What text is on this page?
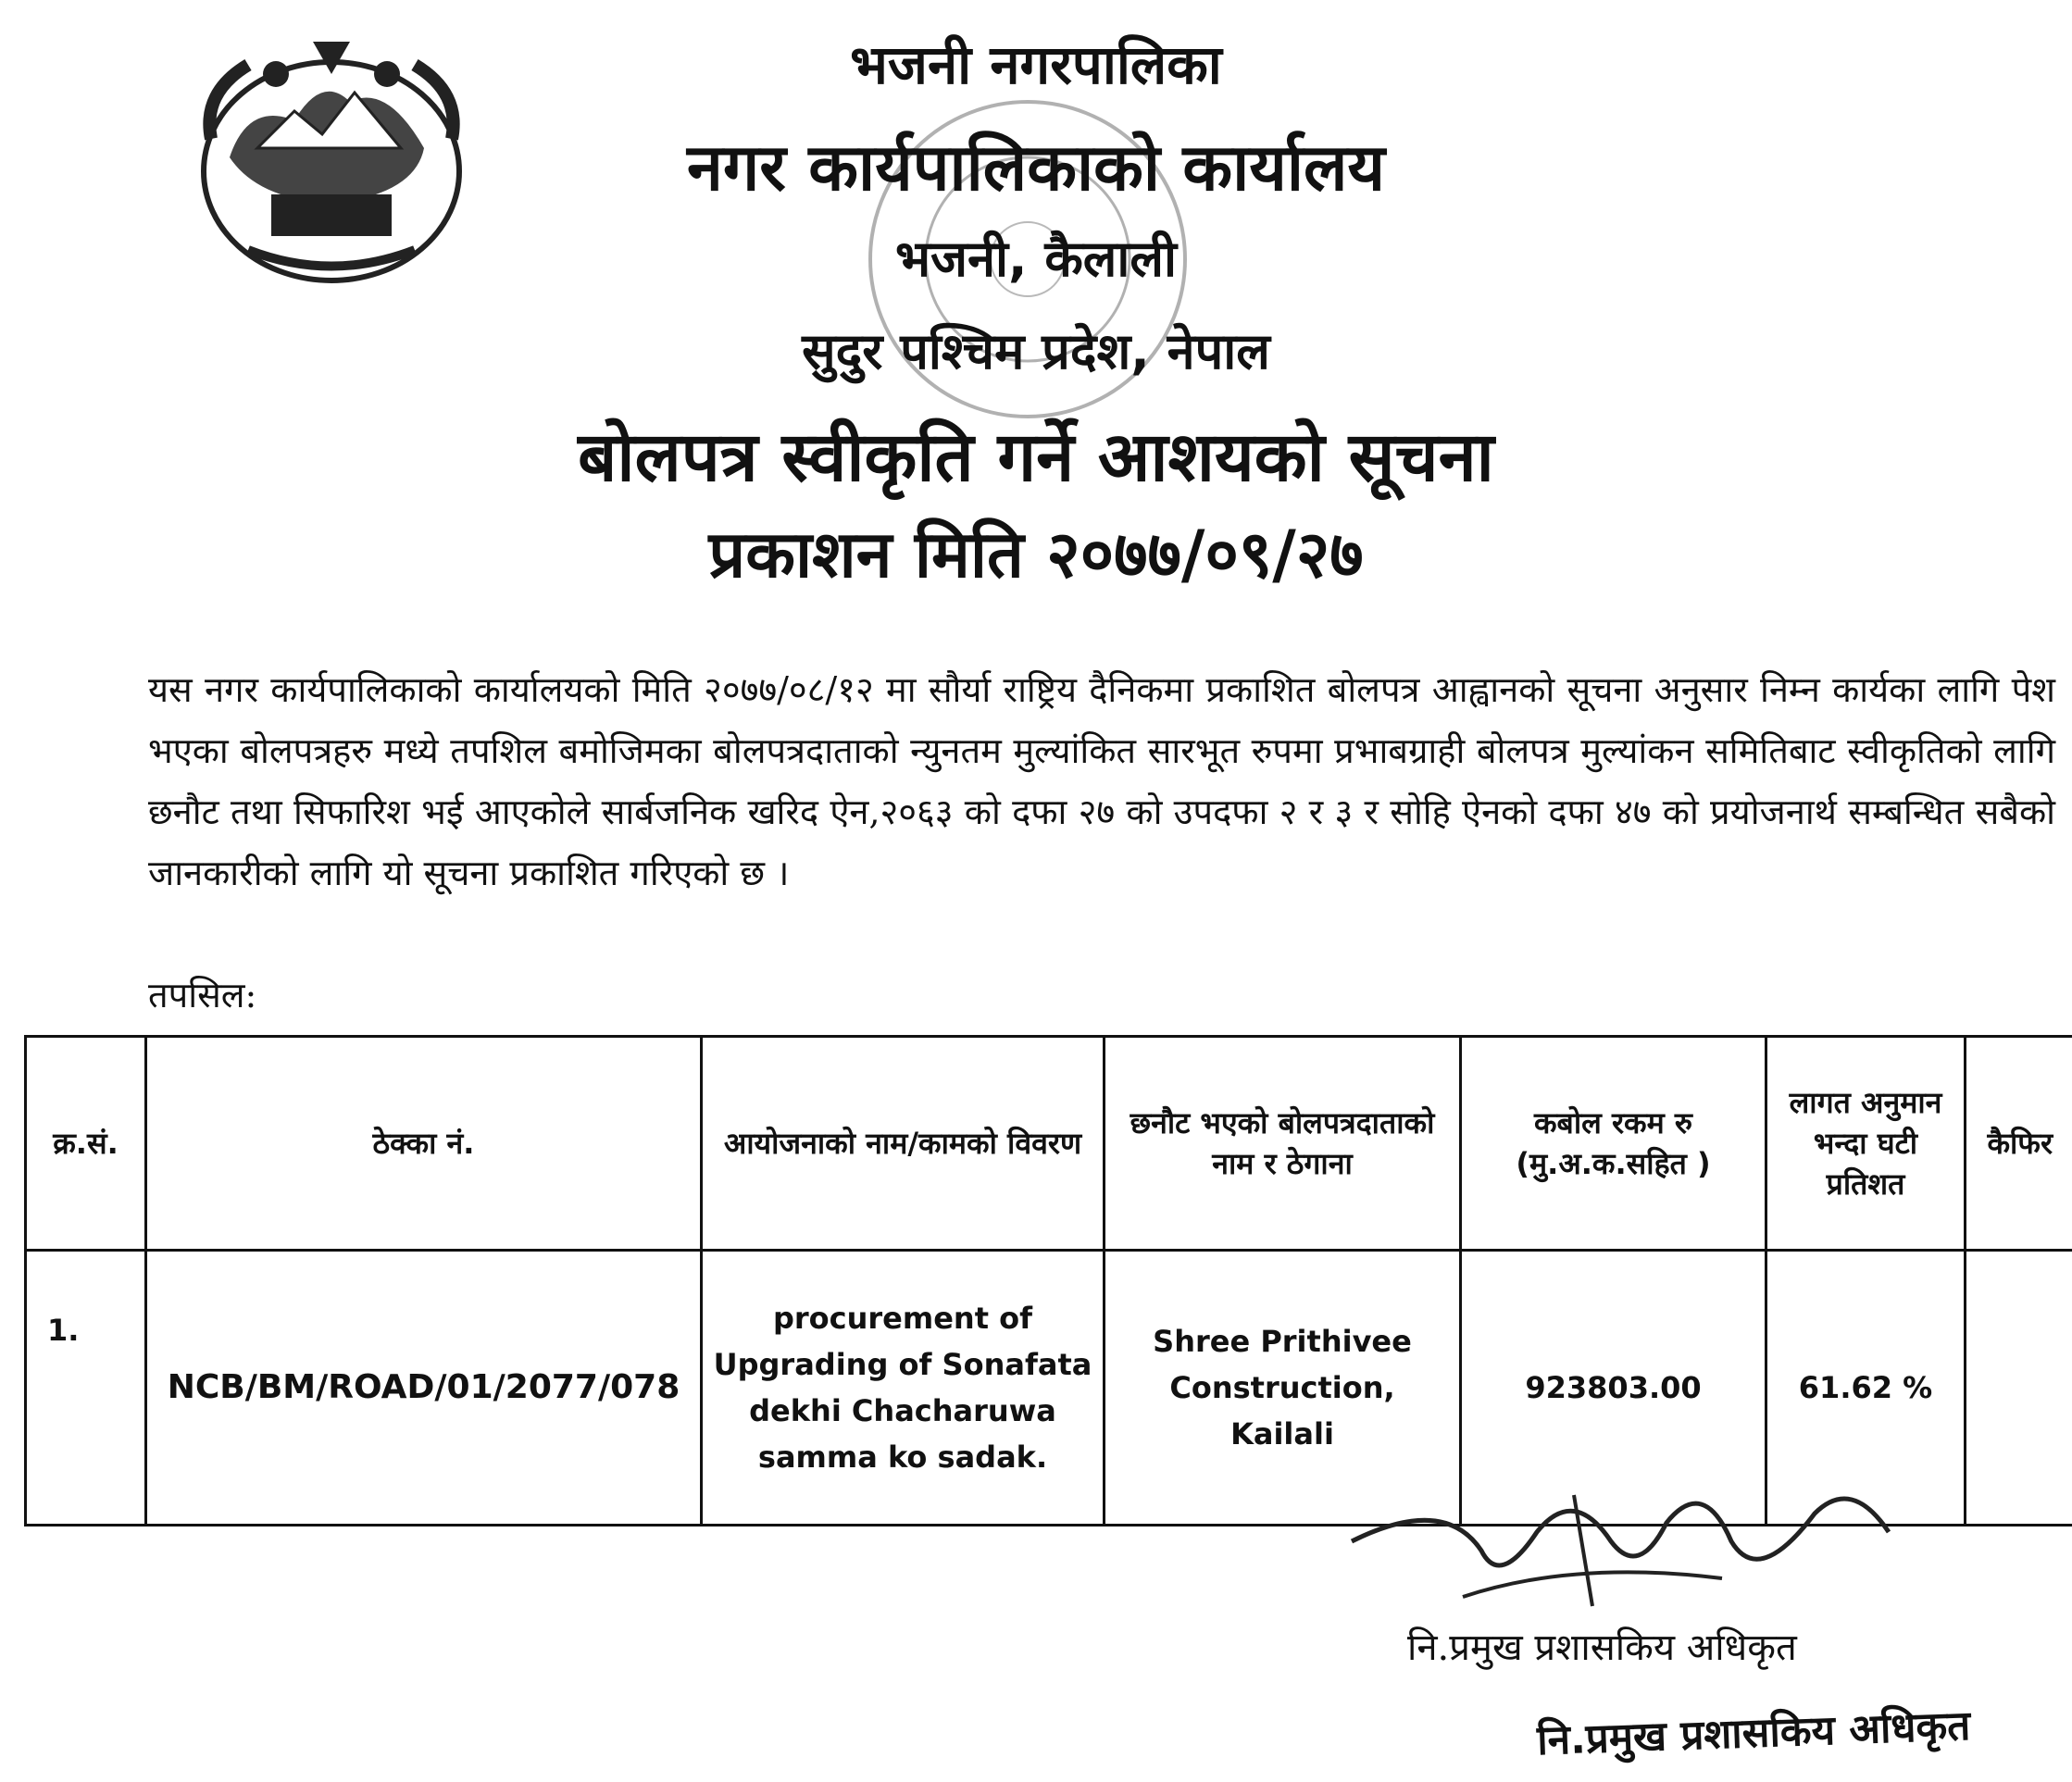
भजनी नगरपालिका
नगर कार्यपालिकाको कार्यालय
भजनी, कैलाली
सुदुर पश्चिम प्रदेश, नेपाल
बोलपत्र स्वीकृति गर्ने आशयको सूचना
प्रकाशन मिति २०७७/०९/२७
यस नगर कार्यपालिकाको कार्यालयको मिति २०७७/०८/१२ मा सौर्या राष्ट्रिय दैनिकमा प्रकाशित बोलपत्र आह्वानको सूचना अनुसार निम्न कार्यका लागि पेश भएका बोलपत्रहरु मध्ये तपशिल बमोजिमका बोलपत्रदाताको न्युनतम मुल्यांकित सारभूत रुपमा प्रभाबग्राही बोलपत्र मुल्यांकन समितिबाट स्वीकृतिको लागि छनौट तथा सिफारिश भई आएकोले सार्बजनिक खरिद ऐन,२०६३ को दफा २७ को उपदफा २ र ३ र सोहि ऐनको दफा ४७ को प्रयोजनार्थ सम्बन्धित सबैको जानकारीको लागि यो सूचना प्रकाशित गरिएको छ ।
तपसिल:
क्र.सं.	ठेक्का नं.	आयोजनाको नाम/कामको विवरण	छनौट भएको बोलपत्रदाताको नाम र ठेगाना	कबोल रकम रु (मु.अ.क.सहित )	लागत अनुमान भन्दा घटी प्रतिशत	कैफिर
1.	NCB/BM/ROAD/01/2077/078	procurement of Upgrading of Sonafata dekhi Chacharuwa samma ko sadak.	Shree Prithivee Construction, Kailali	923803.00	61.62 %	
नि.प्रमुख प्रशासकिय अधिकृत
नि.प्रमुख प्रशासकिय अधिकृत
